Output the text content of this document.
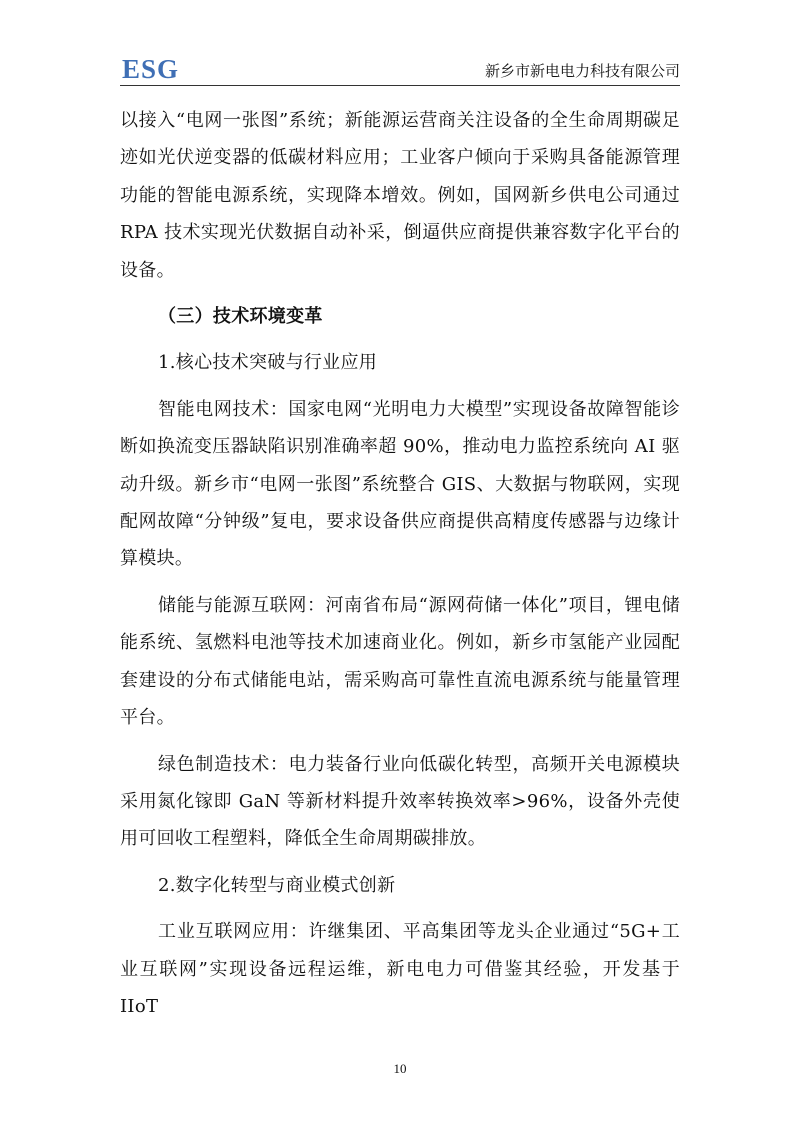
ESG	新乡市新电电力科技有限公司

以接入“电网一张图”系统；新能源运营商关注设备的全生命周期碳足迹如光伏逆变器的低碳材料应用；工业客户倾向于采购具备能源管理功能的智能电源系统，实现降本增效。例如，国网新乡供电公司通过 RPA 技术实现光伏数据自动补采，倒逼供应商提供兼容数字化平台的设备。

（三）技术环境变革

1.核心技术突破与行业应用

智能电网技术：国家电网“光明电力大模型”实现设备故障智能诊断如换流变压器缺陷识别准确率超 90%，推动电力监控系统向 AI 驱动升级。新乡市“电网一张图”系统整合 GIS、大数据与物联网，实现配网故障“分钟级”复电，要求设备供应商提供高精度传感器与边缘计算模块。

储能与能源互联网：河南省布局“源网荷储一体化”项目，锂电储能系统、氢燃料电池等技术加速商业化。例如，新乡市氢能产业园配套建设的分布式储能电站，需采购高可靠性直流电源系统与能量管理平台。

绿色制造技术：电力装备行业向低碳化转型，高频开关电源模块采用氮化镓即 GaN 等新材料提升效率转换效率>96%，设备外壳使用可回收工程塑料，降低全生命周期碳排放。

2.数字化转型与商业模式创新

工业互联网应用：许继集团、平高集团等龙头企业通过“5G+工业互联网”实现设备远程运维，新电电力可借鉴其经验，开发基于 IIoT

10
